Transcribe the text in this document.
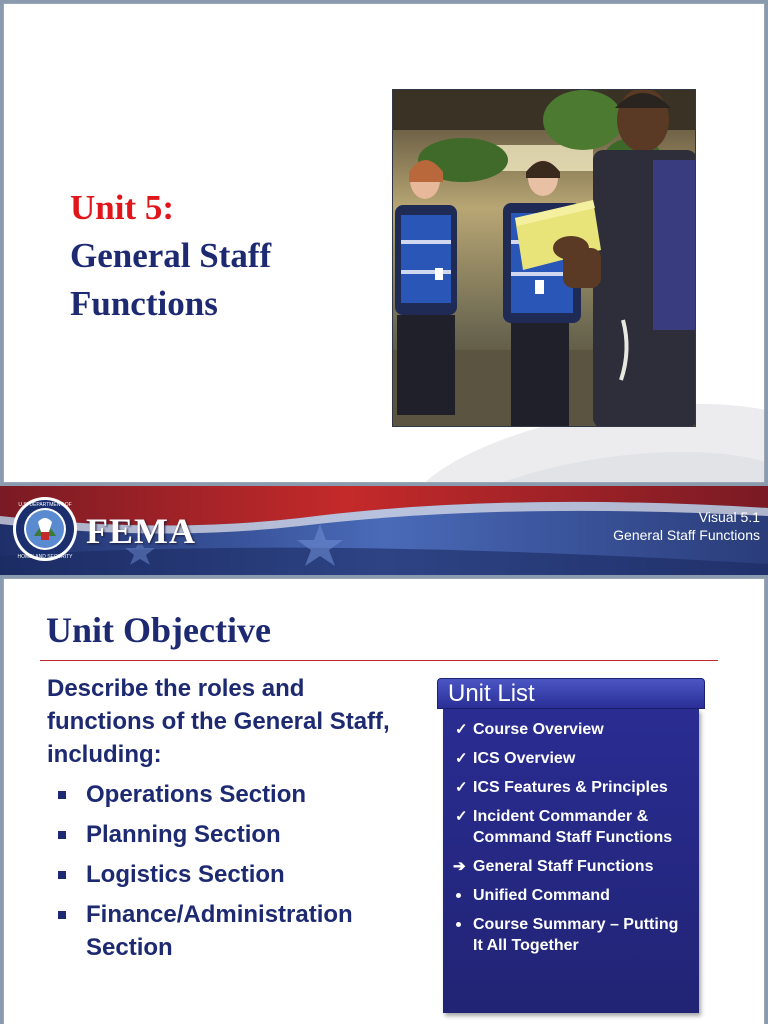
Unit 5:
General Staff
Functions
U.S. DEPARTMENT OF
HOMELAND SECURITY
FEMA	Visual 5.1
General Staff Functions
Unit Objective
Describe the roles and functions of the General Staff, including:
Operations Section
Planning Section
Logistics Section
Finance/Administration Section
Unit List
✓ Course Overview
✓ ICS Overview
✓ ICS Features & Principles
✓ Incident Commander & Command Staff Functions
➔ General Staff Functions
Unified Command
Course Summary – Putting It All Together
